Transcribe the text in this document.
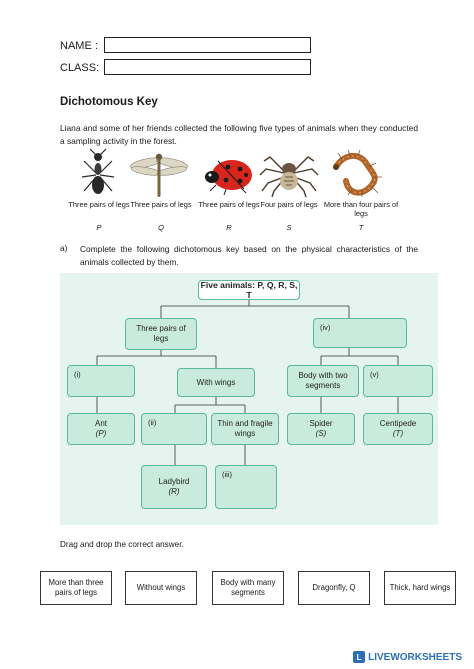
NAME :
CLASS:
Dichotomous Key
Liana and some of her friends collected the following five types of animals when they conducted a sampling activity in the forest.
Three pairs of legs Three pairs of legs Three pairs of legs Four pairs of legs More than four pairs of legs
P	Q	R	S	T
a) Complete the following dichotomous key based on the physical characteristics of the animals collected by them.
Five animals: P, Q, R, S, T
Three pairs of legs
(iv)
(i)
With wings
Body with two segments
(v)
Ant
(P)
(ii)	Thin and fragile wings
Spider
(S)
Centipede
(T)
Ladybird
(R)
(iii)
Drag and drop the correct answer.
More than three pairs of legs
Without wings
Body with many segments
Dragonfly, Q	Thick, hard wings
L LIVEWORKSHEETS
